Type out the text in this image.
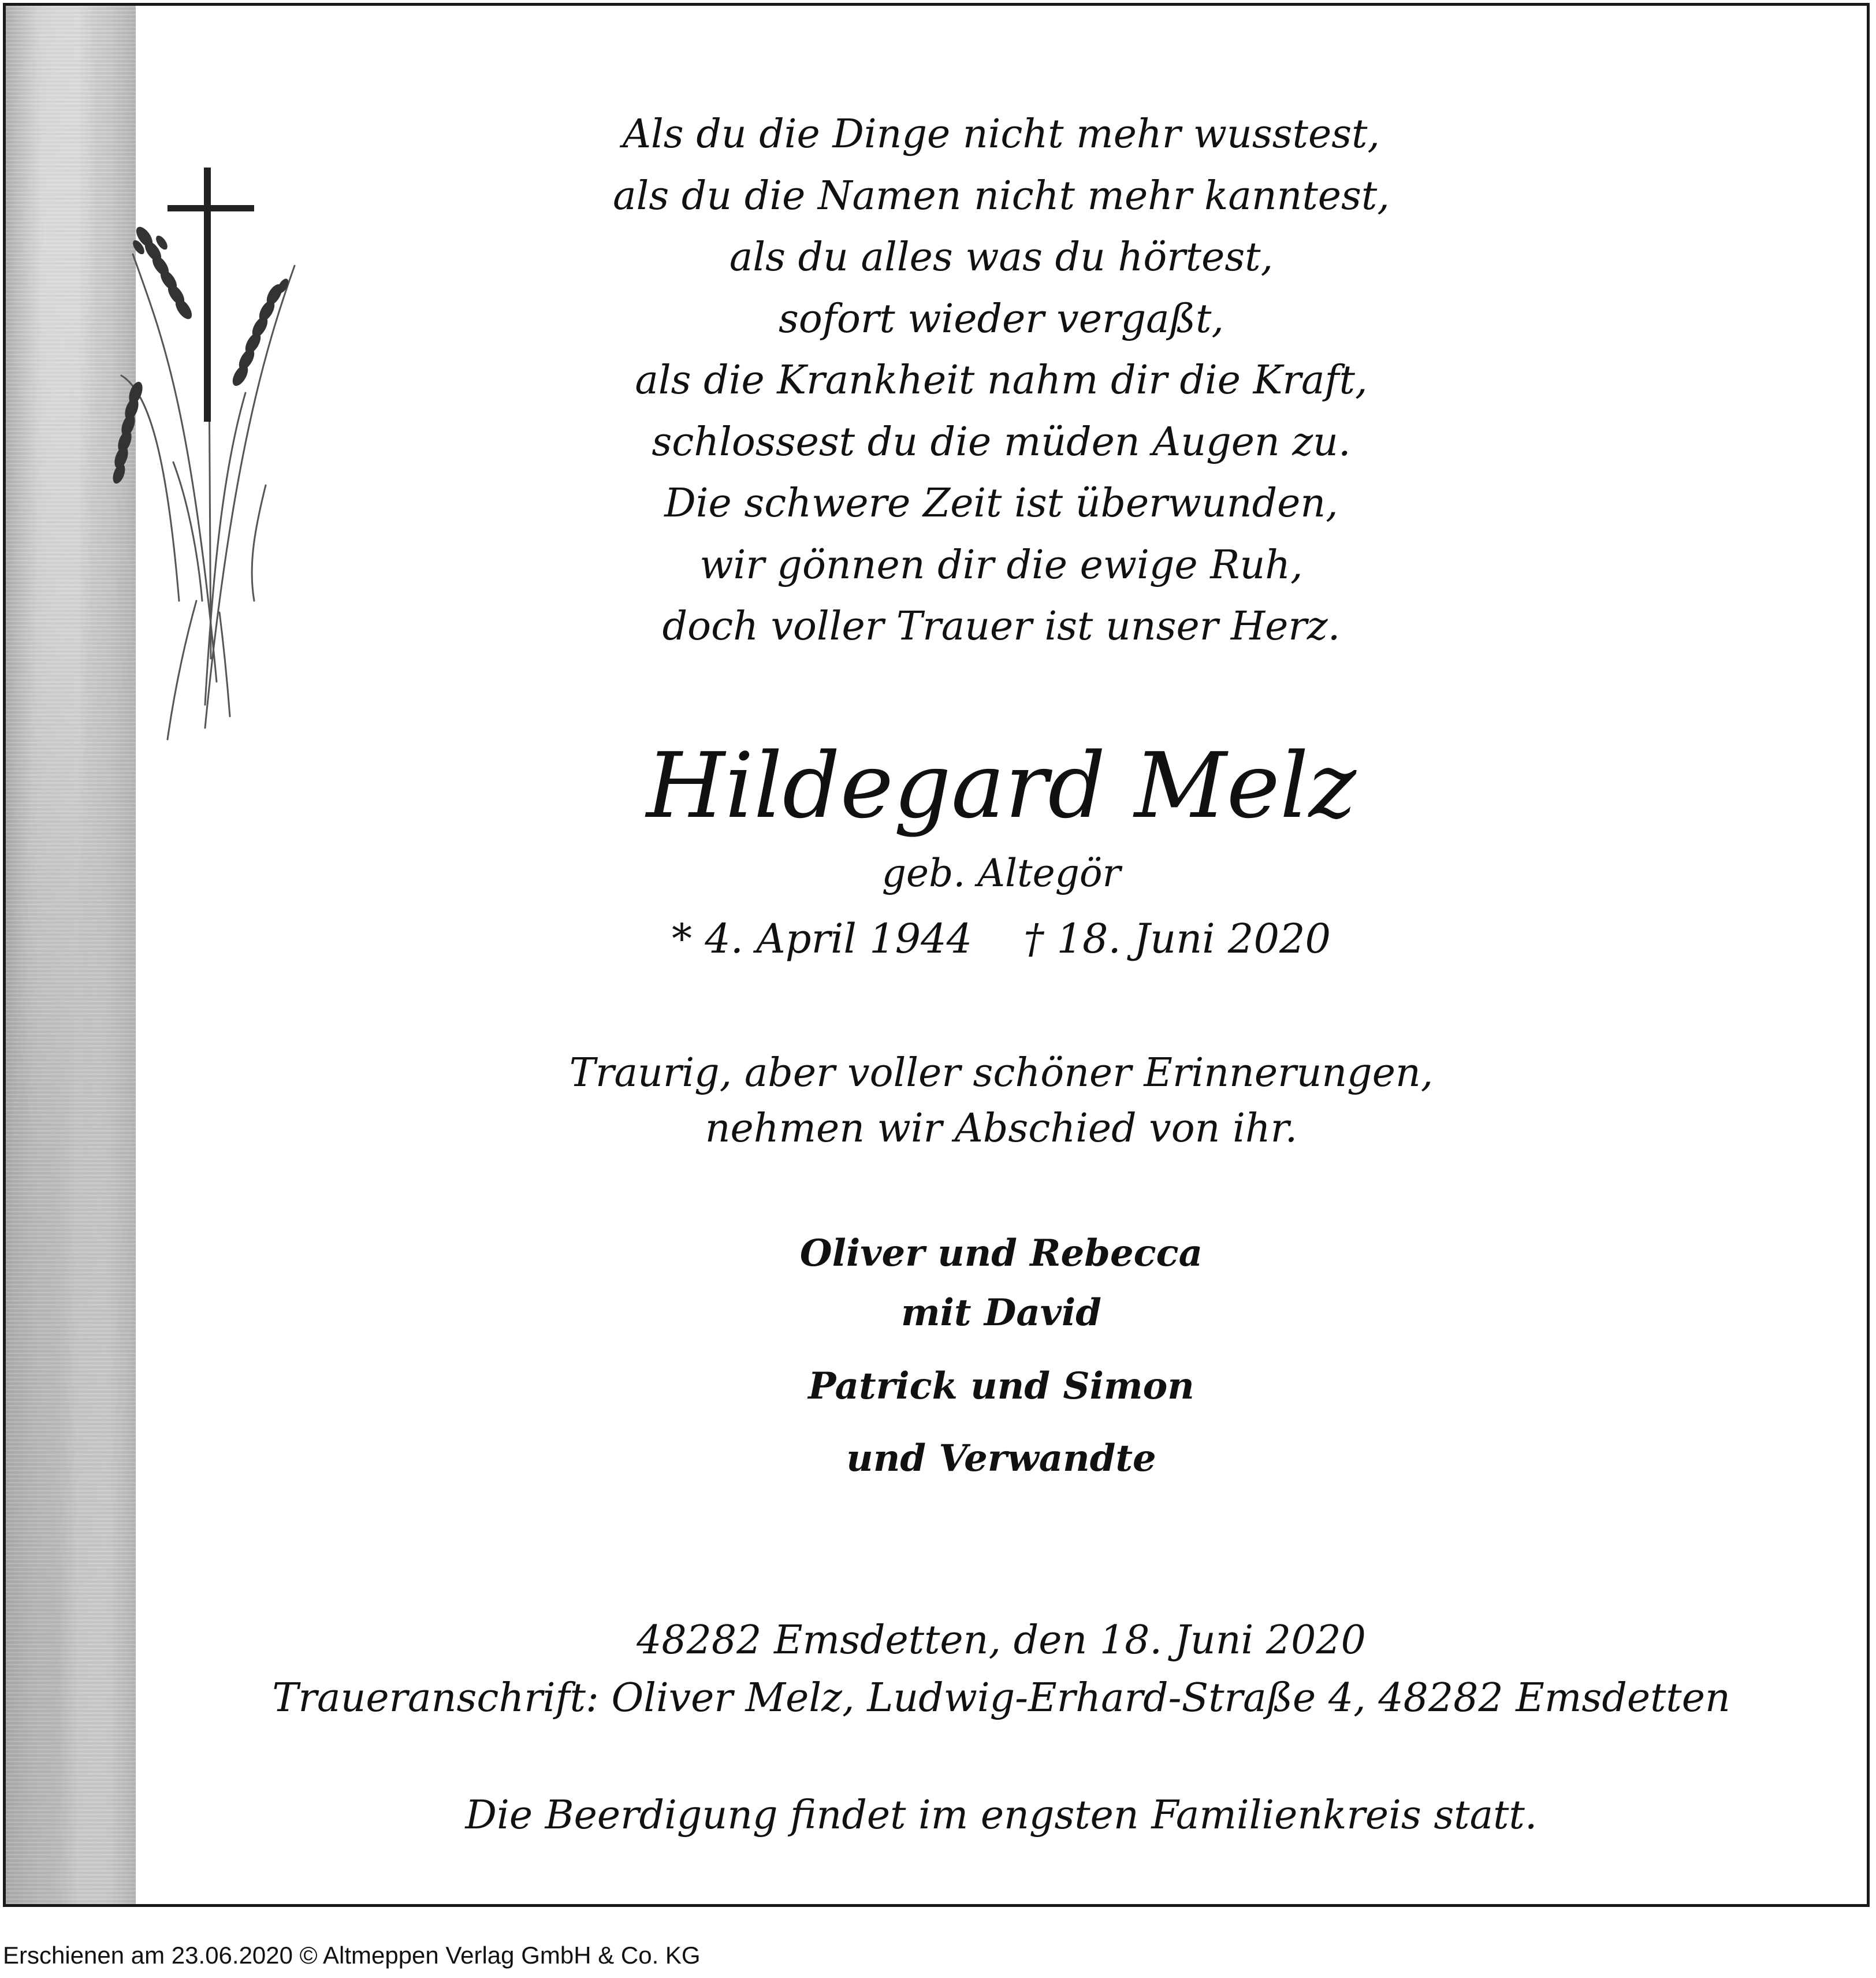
Als du die Dinge nicht mehr wusstest,
als du die Namen nicht mehr kanntest,
als du alles was du hörtest,
sofort wieder vergaßt,
als die Krankheit nahm dir die Kraft,
schlossest du die müden Augen zu.
Die schwere Zeit ist überwunden,
wir gönnen dir die ewige Ruh,
doch voller Trauer ist unser Herz.
Hildegard Melz
geb. Altegör
* 4. April 1944    † 18. Juni 2020
Traurig, aber voller schöner Erinnerungen,
nehmen wir Abschied von ihr.
Oliver und Rebecca
mit David
Patrick und Simon
und Verwandte
48282 Emsdetten, den 18. Juni 2020
Traueranschrift: Oliver Melz, Ludwig-Erhard-Straße 4, 48282 Emsdetten
Die Beerdigung findet im engsten Familienkreis statt.
Erschienen am 23.06.2020 © Altmeppen Verlag GmbH & Co. KG
